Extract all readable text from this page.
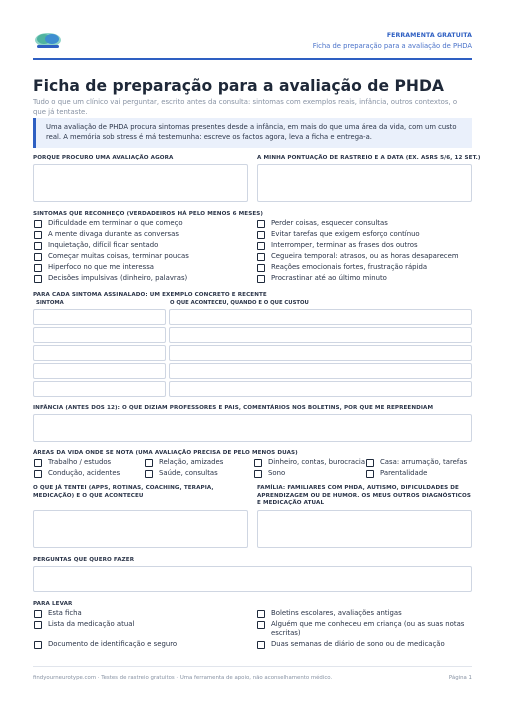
FERRAMENTA GRATUITA
Ficha de preparação para a avaliação de PHDA
Ficha de preparação para a avaliação de PHDA
Tudo o que um clínico vai perguntar, escrito antes da consulta: sintomas com exemplos reais, infância, outros contextos, o que já tentaste.
Uma avaliação de PHDA procura sintomas presentes desde a infância, em mais do que uma área da vida, com um custo real. A memória sob stress é má testemunha: escreve os factos agora, leva a ficha e entrega-a.
PORQUE PROCURO UMA AVALIAÇÃO AGORA	A MINHA PONTUAÇÃO DE RASTREIO E A DATA (EX. ASRS 5/6, 12 SET.)
SINTOMAS QUE RECONHEÇO (VERDADEIROS HÁ PELO MENOS 6 MESES)
Dificuldade em terminar o que começo
A mente divaga durante as conversas
Inquietação, difícil ficar sentado
Começar muitas coisas, terminar poucas
Hiperfoco no que me interessa
Decisões impulsivas (dinheiro, palavras)
Perder coisas, esquecer consultas
Evitar tarefas que exigem esforço contínuo
Interromper, terminar as frases dos outros
Cegueira temporal: atrasos, ou as horas desaparecem
Reações emocionais fortes, frustração rápida
Procrastinar até ao último minuto
PARA CADA SINTOMA ASSINALADO: UM EXEMPLO CONCRETO E RECENTE
SINTOMA	O QUE ACONTECEU, QUANDO E O QUE CUSTOU
INFÂNCIA (ANTES DOS 12): O QUE DIZIAM PROFESSORES E PAIS, COMENTÁRIOS NOS BOLETINS, POR QUE ME REPREENDIAM
ÁREAS DA VIDA ONDE SE NOTA (UMA AVALIAÇÃO PRECISA DE PELO MENOS DUAS)
Trabalho / estudos	Relação, amizades	Dinheiro, contas, burocracia Casa: arrumação, tarefas
Condução, acidentes	Saúde, consultas	Sono	Parentalidade
O QUE JÁ TENTEI (APPS, ROTINAS, COACHING, TERAPIA, MEDICAÇÃO) E O QUE ACONTECEU
FAMÍLIA: FAMILIARES COM PHDA, AUTISMO, DIFICULDADES DE APRENDIZAGEM OU DE HUMOR. OS MEUS OUTROS DIAGNÓSTICOS E MEDICAÇÃO ATUAL
PERGUNTAS QUE QUERO FAZER
PARA LEVAR
Esta ficha
Lista da medicação atual
Documento de identificação e seguro
Boletins escolares, avaliações antigas
Alguém que me conheceu em criança (ou as suas notas escritas)
Duas semanas de diário de sono ou de medicação
findyourneurotype.com · Testes de rastreio gratuitos · Uma ferramenta de apoio, não aconselhamento médico.	Página 1
